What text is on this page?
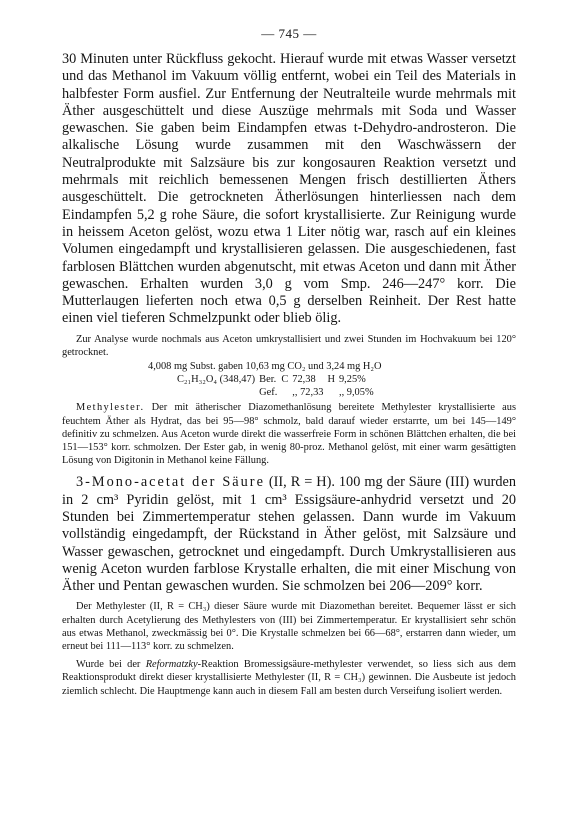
— 745 —

30 Minuten unter Rückfluss gekocht. Hierauf wurde mit etwas Wasser versetzt und das Methanol im Vakuum völlig entfernt, wobei ein Teil des Materials in halbfester Form ausfiel. Zur Entfernung der Neutralteile wurde mehrmals mit Äther ausgeschüttelt und diese Auszüge mehrmals mit Soda und Wasser gewaschen. Sie gaben beim Eindampfen etwas t-Dehydro-androsteron. Die alkalische Lösung wurde zusammen mit den Waschwässern der Neutralprodukte mit Salzsäure bis zur kongosauren Reaktion versetzt und mehrmals mit reichlich bemessenen Mengen frisch destillierten Äthers ausgeschüttelt. Die getrockneten Ätherlösungen hinterliessen nach dem Eindampfen 5,2 g rohe Säure, die sofort krystallisierte. Zur Reinigung wurde in heissem Aceton gelöst, wozu etwa 1 Liter nötig war, rasch auf ein kleines Volumen eingedampft und krystallisieren gelassen. Die ausgeschiedenen, fast farblosen Blättchen wurden abgenutscht, mit etwas Aceton und dann mit Äther gewaschen. Erhalten wurden 3,0 g vom Smp. 246—247° korr. Die Mutterlaugen lieferten noch etwa 0,5 g derselben Reinheit. Der Rest hatte einen viel tieferen Schmelzpunkt oder blieb ölig.

Zur Analyse wurde nochmals aus Aceton umkrystallisiert und zwei Stunden im Hochvakuum bei 120° getrocknet.

4,008 mg Subst. gaben 10,63 mg CO₂ und 3,24 mg H₂O
C₂₁H₃₂O₄ (348,47)	Ber.	C	72,38	H	9,25%
	Gef.		,, 72,33		,, 9,05%

Methylester. Der mit ätherischer Diazomethanlösung bereitete Methylester krystallisierte aus feuchtem Äther als Hydrat, das bei 95—98° schmolz, bald darauf wieder erstarrte, um bei 145—149° definitiv zu schmelzen. Aus Aceton wurde direkt die wasserfreie Form in schönen Blättchen erhalten, die bei 151—153° korr. schmolzen. Der Ester gab, in wenig 80-proz. Methanol gelöst, mit einer warm gesättigten Lösung von Digitonin in Methanol keine Fällung.

3-Mono-acetat der Säure (II, R = H). 100 mg der Säure (III) wurden in 2 cm³ Pyridin gelöst, mit 1 cm³ Essigsäure-anhydrid versetzt und 20 Stunden bei Zimmertemperatur stehen gelassen. Dann wurde im Vakuum vollständig eingedampft, der Rückstand in Äther gelöst, mit Salzsäure und Wasser gewaschen, getrocknet und eingedampft. Durch Umkrystallisieren aus wenig Aceton wurden farblose Krystalle erhalten, die mit einer Mischung von Äther und Pentan gewaschen wurden. Sie schmolzen bei 206—209° korr.

Der Methylester (II, R = CH₃) dieser Säure wurde mit Diazomethan bereitet. Bequemer lässt er sich erhalten durch Acetylierung des Methylesters von (III) bei Zimmertemperatur. Er krystallisiert sehr schön aus etwas Methanol, zweckmässig bei 0°. Die Krystalle schmelzen bei 66—68°, erstarren dann wieder, um erneut bei 111—113° korr. zu schmelzen.

Wurde bei der Reformatzky-Reaktion Bromessigsäure-methylester verwendet, so liess sich aus dem Reaktionsprodukt direkt dieser krystallisierte Methylester (II, R = CH₃) gewinnen. Die Ausbeute ist jedoch ziemlich schlecht. Die Hauptmenge kann auch in diesem Fall am besten durch Verseifung isoliert werden.
